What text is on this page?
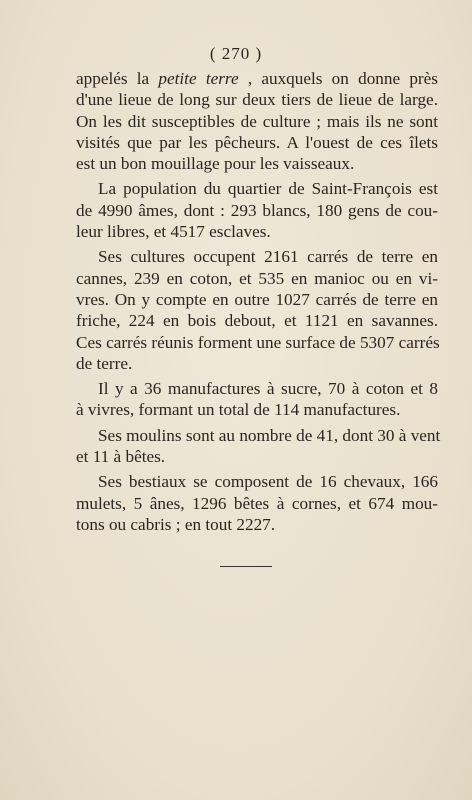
( 270 )
appelés la petite terre , auxquels on donne près
d'une lieue de long sur deux tiers de lieue de large.
On les dit susceptibles de culture ; mais ils ne sont
visités que par les pêcheurs. A l'ouest de ces îlets
est un bon mouillage pour les vaisseaux.
La population du quartier de Saint-François est
de 4990 âmes, dont : 293 blancs, 180 gens de cou-
leur libres, et 4517 esclaves.
Ses cultures occupent 2161 carrés de terre en
cannes, 239 en coton, et 535 en manioc ou en vi-
vres. On y compte en outre 1027 carrés de terre en
friche, 224 en bois debout, et 1121 en savannes.
Ces carrés réunis forment une surface de 5307 carrés
de terre.
Il y a 36 manufactures à sucre, 70 à coton et 8
à vivres, formant un total de 114 manufactures.
Ses moulins sont au nombre de 41, dont 30 à vent
et 11 à bêtes.
Ses bestiaux se composent de 16 chevaux, 166
mulets, 5 ânes, 1296 bêtes à cornes, et 674 mou-
tons ou cabris ; en tout 2227.
